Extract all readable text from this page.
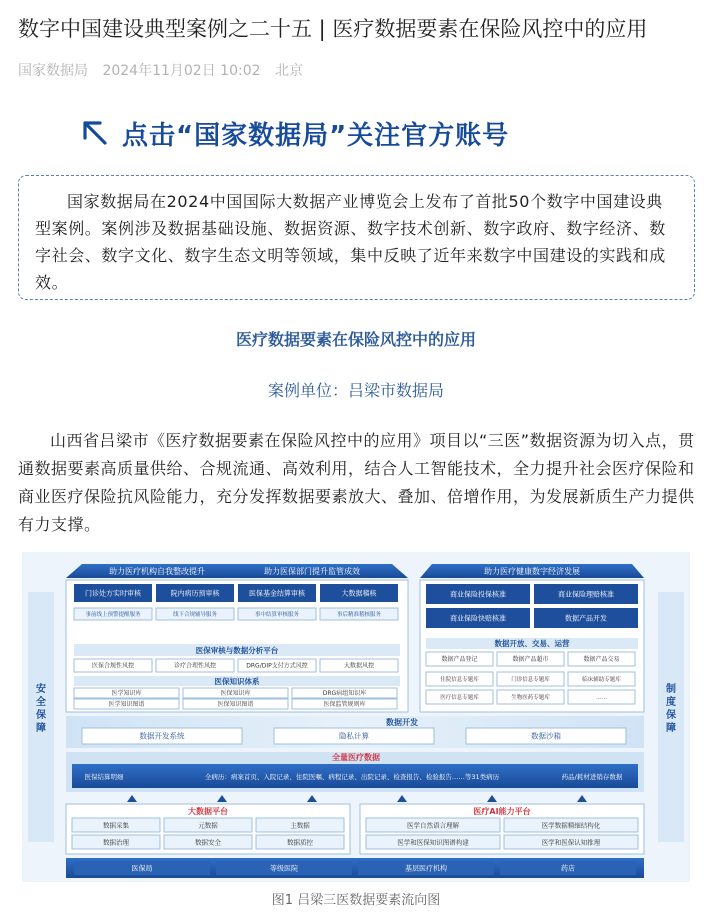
数字中国建设典型案例之二十五 | 医疗数据要素在保险风控中的应用
国家数据局 2024年11月02日 10:02 北京
点击“国家数据局”关注官方账号
国家数据局在2024中国国际大数据产业博览会上发布了首批50个数字中国建设典型案例。案例涉及数据基础设施、数据资源、数字技术创新、数字政府、数字经济、数字社会、数字文化、数字生态文明等领域，集中反映了近年来数字中国建设的实践和成效。
医疗数据要素在保险风控中的应用
案例单位：吕梁市数据局
山西省吕梁市《医疗数据要素在保险风控中的应用》项目以“三医”数据资源为切入点，贯通数据要素高质量供给、合规流通、高效利用，结合人工智能技术，全力提升社会医疗保险和商业医疗保险抗风险能力，充分发挥数据要素放大、叠加、倍增作用，为发展新质生产力提供有力支撑。
安全保障
制度保障
助力医疗机构自我整改提升	助力医保部门提升监管成效	助力医疗健康数字经济发展
门诊处方实时审核	院内病历预审核	医保基金结算审核	大数据稽核
事前线上预警提醒服务	线下合规辅导服务	事中结算审核服务	事后精准稽核服务
医保审核与数据分析平台
医保合规性风控	诊疗合理性风控	DRG/DIP支付方式风控	大数据风控
医保知识体系
医学知识库	医保知识库	DRG病组知识库
医学知识图谱	医保知识图谱	医保监管规则库
商业保险投保核准	商业保险理赔核准
商业保险快赔核准	数据产品开发
数据开放、交易、运营
数据产品登记	数据产品超市	数据产品交易
住院信息专题库	门诊信息专题库	临床辅助专题库
医疗信息专题库	生物医药专题库	……
数据开发
数据开发系统	隐私计算	数据沙箱
全量医疗数据
医保结算明细	全病历：病案首页、入院记录、住院医嘱、病程记录、出院记录、检查报告、检验报告……等31类病历	药品/耗材进销存数据
大数据平台
数据采集	元数据	主数据
数据治理	数据安全	数据质控
医疗AI能力平台
医学自然语言理解	医学数据精细结构化
医学和医保知识图谱构建	医学和医保认知推理
医保局	等级医院	基层医疗机构	药店
图1 吕梁三医数据要素流向图
